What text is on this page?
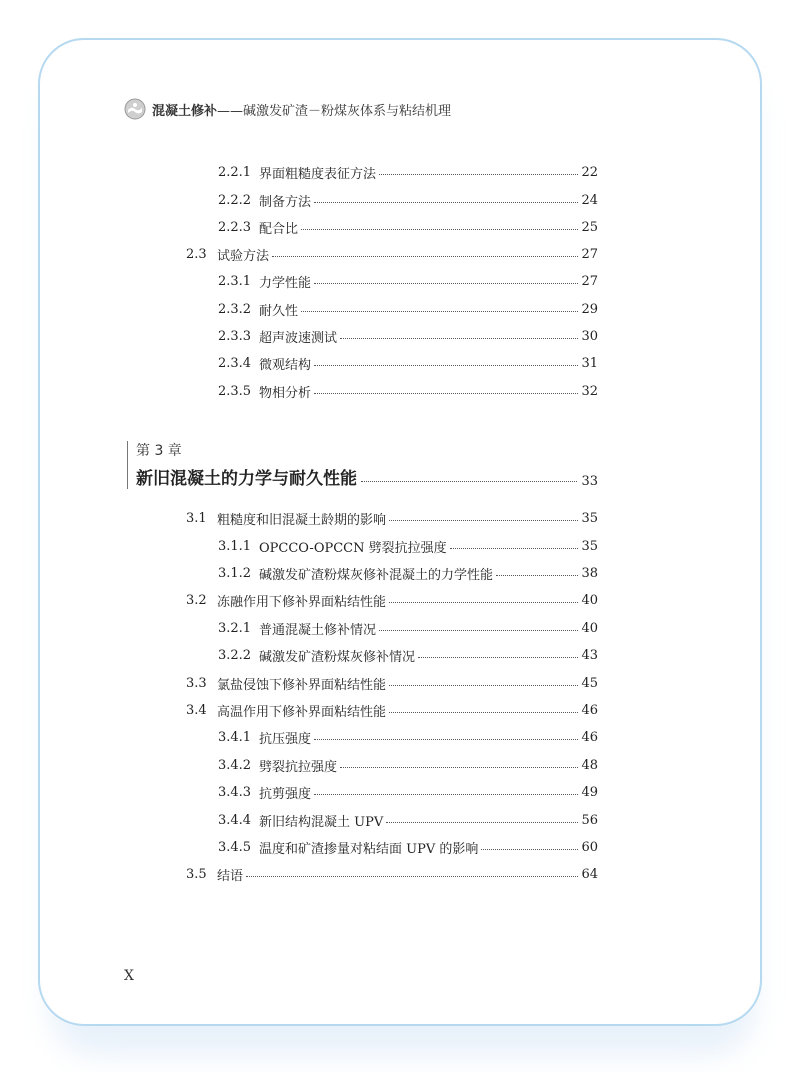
混凝土修补 ——碱激发矿渣－粉煤灰体系与粘结机理
2.2.1 界面粗糙度表征方法	22
2.2.2 制备方法	24
2.2.3 配合比	25
2.3 试验方法	27
2.3.1 力学性能	27
2.3.2 耐久性	29
2.3.3 超声波速测试	30
2.3.4 微观结构	31
2.3.5 物相分析	32
第 3 章
新旧混凝土的力学与耐久性能	33
3.1 粗糙度和旧混凝土龄期的影响	35
3.1.1 OPCCO-OPCCN 劈裂抗拉强度	35
3.1.2 碱激发矿渣粉煤灰修补混凝土的力学性能	38
3.2 冻融作用下修补界面粘结性能	40
3.2.1 普通混凝土修补情况	40
3.2.2 碱激发矿渣粉煤灰修补情况	43
3.3 氯盐侵蚀下修补界面粘结性能	45
3.4 高温作用下修补界面粘结性能	46
3.4.1 抗压强度	46
3.4.2 劈裂抗拉强度	48
3.4.3 抗剪强度	49
3.4.4 新旧结构混凝土 UPV	56
3.4.5 温度和矿渣掺量对粘结面 UPV 的影响	60
3.5 结语	64
X
